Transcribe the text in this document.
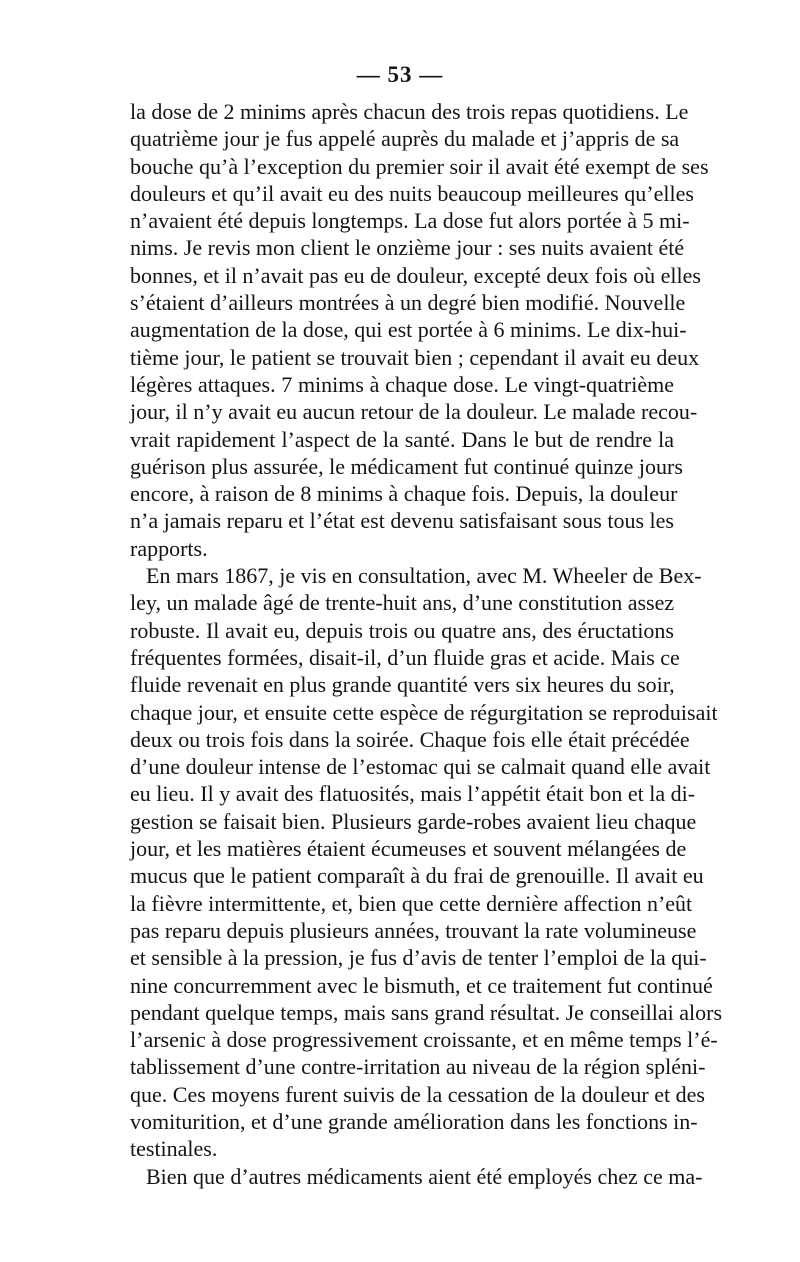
— 53 —
la dose de 2 minims après chacun des trois repas quotidiens. Le
quatrième jour je fus appelé auprès du malade et j’appris de sa
bouche qu’à l’exception du premier soir il avait été exempt de ses
douleurs et qu’il avait eu des nuits beaucoup meilleures qu’elles
n’avaient été depuis longtemps. La dose fut alors portée à 5 mi-
nims. Je revis mon client le onzième jour : ses nuits avaient été
bonnes, et il n’avait pas eu de douleur, excepté deux fois où elles
s’étaient d’ailleurs montrées à un degré bien modifié. Nouvelle
augmentation de la dose, qui est portée à 6 minims. Le dix-hui-
tième jour, le patient se trouvait bien ; cependant il avait eu deux
légères attaques. 7 minims à chaque dose. Le vingt-quatrième
jour, il n’y avait eu aucun retour de la douleur. Le malade recou-
vrait rapidement l’aspect de la santé. Dans le but de rendre la
guérison plus assurée, le médicament fut continué quinze jours
encore, à raison de 8 minims à chaque fois. Depuis, la douleur
n’a jamais reparu et l’état est devenu satisfaisant sous tous les
rapports.
En mars 1867, je vis en consultation, avec M. Wheeler de Bex-
ley, un malade âgé de trente-huit ans, d’une constitution assez
robuste. Il avait eu, depuis trois ou quatre ans, des éructations
fréquentes formées, disait-il, d’un fluide gras et acide. Mais ce
fluide revenait en plus grande quantité vers six heures du soir,
chaque jour, et ensuite cette espèce de régurgitation se reproduisait
deux ou trois fois dans la soirée. Chaque fois elle était précédée
d’une douleur intense de l’estomac qui se calmait quand elle avait
eu lieu. Il y avait des flatuosités, mais l’appétit était bon et la di-
gestion se faisait bien. Plusieurs garde-robes avaient lieu chaque
jour, et les matières étaient écumeuses et souvent mélangées de
mucus que le patient comparaît à du frai de grenouille. Il avait eu
la fièvre intermittente, et, bien que cette dernière affection n’eût
pas reparu depuis plusieurs années, trouvant la rate volumineuse
et sensible à la pression, je fus d’avis de tenter l’emploi de la qui-
nine concurremment avec le bismuth, et ce traitement fut continué
pendant quelque temps, mais sans grand résultat. Je conseillai alors
l’arsenic à dose progressivement croissante, et en même temps l’é-
tablissement d’une contre-irritation au niveau de la région spléni-
que. Ces moyens furent suivis de la cessation de la douleur et des
vomiturition, et d’une grande amélioration dans les fonctions in-
testinales.
Bien que d’autres médicaments aient été employés chez ce ma-
